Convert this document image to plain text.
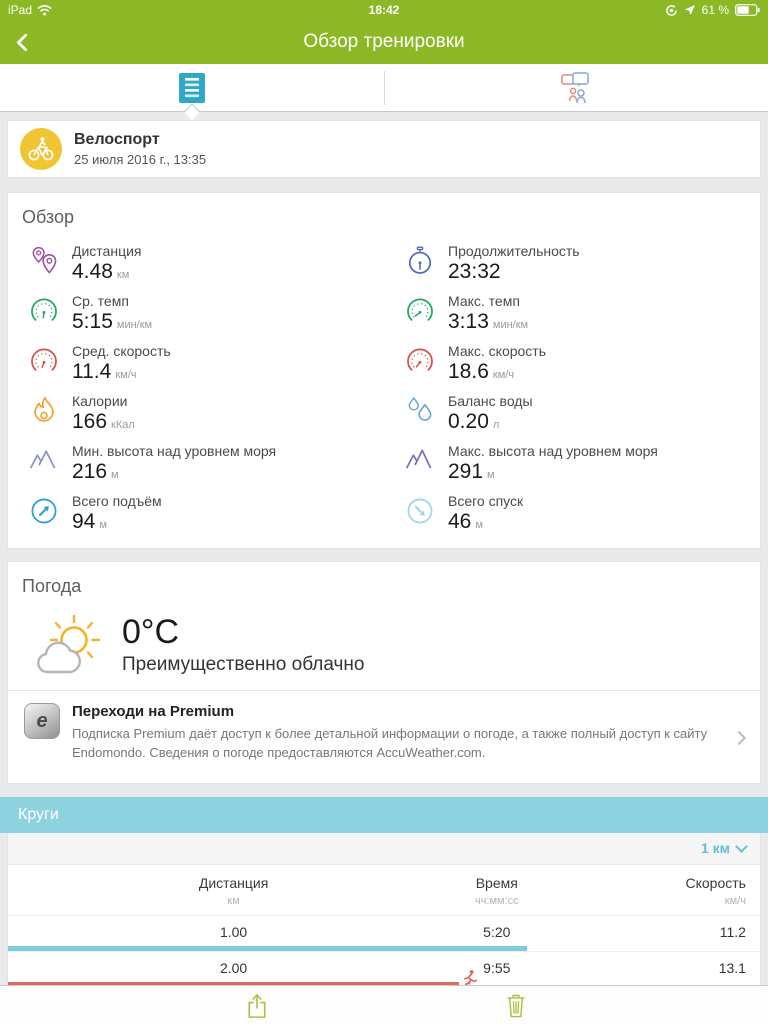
iPad	18:42	61 %
Обзор тренировки
Велоспорт
25 июля 2016 г., 13:35
Обзор
Дистанция
4.48 км
Продолжительность
23:32
Ср. темп
5:15 мин/км
Макс. темп
3:13 мин/км
Сред. скорость
11.4 км/ч
Макс. скорость
18.6 км/ч
Калории
166 кКал
Баланс воды
0.20 л
Мин. высота над уровнем моря
216 м
Макс. высота над уровнем моря
291 м
Всего подъём
94 м
Всего спуск
46 м
Погода
0°C
Преимущественно облачно
e	Переходи на Premium
Подписка Premium даёт доступ к более детальной информации о погоде, а также полный доступ к сайту Endomondo. Сведения о погоде предоставляются AccuWeather.com.
Круги
1 км
Дистанция
км
Время
чч:мм:сс
Скорость
км/ч
1.00	5:20	11.2
2.00	9:55	13.1
